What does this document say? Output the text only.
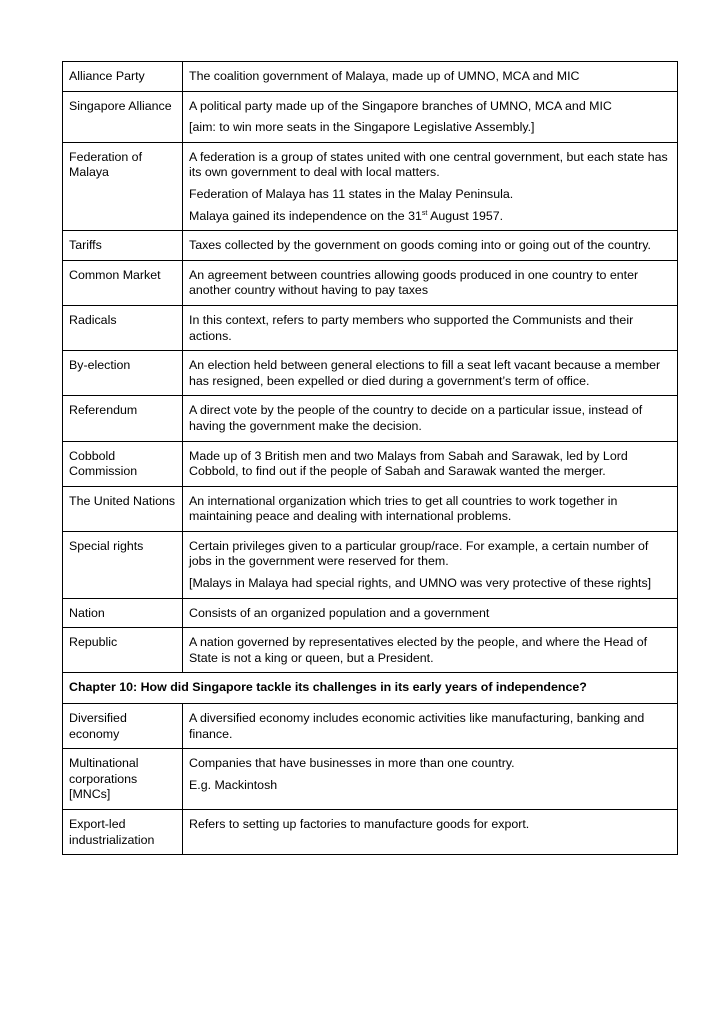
Alliance Party	The coalition government of Malaya, made up of UMNO, MCA and MIC

Singapore Alliance	A political party made up of the Singapore branches of UMNO, MCA and MIC

[aim: to win more seats in the Singapore Legislative Assembly.]

Federation of Malaya	A federation is a group of states united with one central government, but each state has its own government to deal with local matters.

Federation of Malaya has 11 states in the Malay Peninsula.

Malaya gained its independence on the 31st August 1957.

Tariffs	Taxes collected by the government on goods coming into or going out of the country.

Common Market	An agreement between countries allowing goods produced in one country to enter another country without having to pay taxes

Radicals	In this context, refers to party members who supported the Communists and their actions.

By-election	An election held between general elections to fill a seat left vacant because a member has resigned, been expelled or died during a government’s term of office.

Referendum	A direct vote by the people of the country to decide on a particular issue, instead of having the government make the decision.

Cobbold Commission	Made up of 3 British men and two Malays from Sabah and Sarawak, led by Lord Cobbold, to find out if the people of Sabah and Sarawak wanted the merger.

The United Nations	An international organization which tries to get all countries to work together in maintaining peace and dealing with international problems.

Special rights	Certain privileges given to a particular group/race. For example, a certain number of jobs in the government were reserved for them.

[Malays in Malaya had special rights, and UMNO was very protective of these rights]

Nation	Consists of an organized population and a government

Republic	A nation governed by representatives elected by the people, and where the Head of State is not a king or queen, but a President.

Chapter 10: How did Singapore tackle its challenges in its early years of independence?	
Diversified economy	A diversified economy includes economic activities like manufacturing, banking and finance.

Multinational corporations [MNCs]	Companies that have businesses in more than one country.

E.g. Mackintosh

Export-led industrialization	Refers to setting up factories to manufacture goods for export.
